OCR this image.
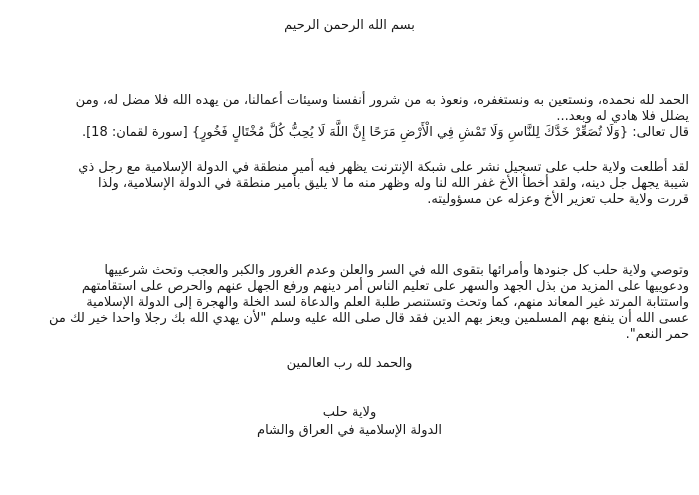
بسم الله الرحمن الرحيم
الحمد لله نحمده، ونستعين به ونستغفره، ونعوذ به من شرور أنفسنا وسيئات أعمالنا، من يهده الله فلا مضل له، ومن
يضلل فلا هادي له وبعد...
قال تعالى: {وَلَا تُصَعِّرْ خَدَّكَ لِلنَّاسِ وَلَا تَمْشِ فِي الْأَرْضِ مَرَحًا إِنَّ اللَّهَ لَا يُحِبُّ كُلَّ مُخْتَالٍ فَخُورٍ} [سورة لقمان: 18].
لقد أطلعت ولاية حلب على تسجيل نشر على شبكة الإنترنت يظهر فيه أمير منطقة في الدولة الإسلامية مع رجل ذي
شيبة يجهل جل دينه، ولقد أخطأ الأخ غفر الله لنا وله وظهر منه ما لا يليق بأمير منطقة في الدولة الإسلامية، ولذا
قررت ولاية حلب تعزير الأخ وعزله عن مسؤوليته.
وتوصي ولاية حلب كل جنودها وأمرائها بتقوى الله في السر والعلن وعدم الغرور والكبر والعجب وتحث شرعييها
ودعوييها على المزيد من بذل الجهد والسهر على تعليم الناس أمر دينهم ورفع الجهل عنهم والحرص على استقامتهم
واستتابة المرتد غير المعاند منهم، كما وتحث وتستنصر طلبة العلم والدعاة لسد الخلة والهجرة إلى الدولة الإسلامية
عسى الله أن ينفع بهم المسلمين ويعز بهم الدين فقد قال صلى الله عليه وسلم "لأن يهدي الله بك رجلا واحدا خير لك من
حمر النعم".
والحمد لله رب العالمين
ولاية حلب
الدولة الإسلامية في العراق والشام
